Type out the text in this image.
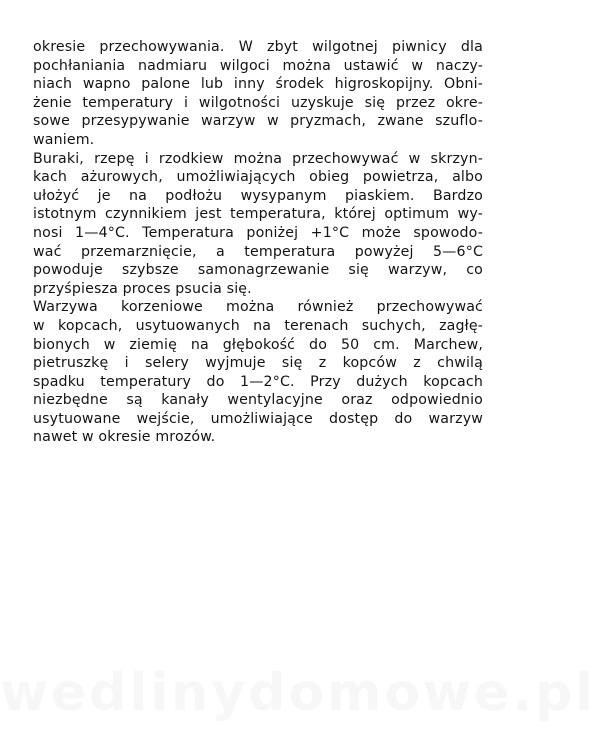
okresie przechowywania. W zbyt wilgotnej piwnicy dla
pochłaniania nadmiaru wilgoci można ustawić w naczy-
niach wapno palone lub inny środek higroskopijny. Obni-
żenie temperatury i wilgotności uzyskuje się przez okre-
sowe przesypywanie warzyw w pryzmach, zwane szuflo-
waniem.
Buraki, rzepę i rzodkiew można przechowywać w skrzyn-
kach ażurowych, umożliwiających obieg powietrza, albo
ułożyć je na podłożu wysypanym piaskiem. Bardzo
istotnym czynnikiem jest temperatura, której optimum wy-
nosi 1—4°C. Temperatura poniżej +1°C może spowodo-
wać przemarznięcie, a temperatura powyżej 5—6°C
powoduje szybsze samonagrzewanie się warzyw, co
przyśpiesza proces psucia się.
Warzywa korzeniowe można również przechowywać
w kopcach, usytuowanych na terenach suchych, zagłę-
bionych w ziemię na głębokość do 50 cm. Marchew,
pietruszkę i selery wyjmuje się z kopców z chwilą
spadku temperatury do 1—2°C. Przy dużych kopcach
niezbędne są kanały wentylacyjne oraz odpowiednio
usytuowane wejście, umożliwiające dostęp do warzyw
nawet w okresie mrozów.
wedlinydomowe.pl
